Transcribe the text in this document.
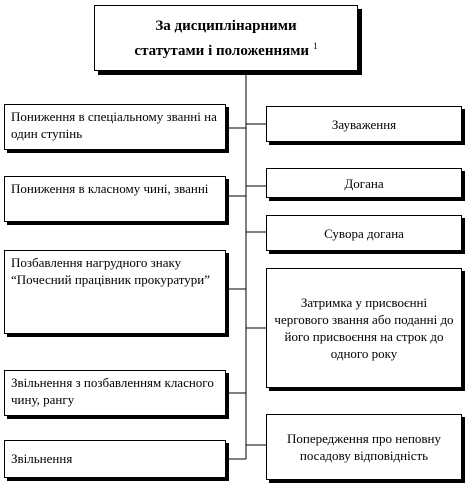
За дисциплінарними
статутами і положеннями $^1$
Пониження в спеціальному званні на один ступінь
Пониження в класному чині, званні
Позбавлення нагрудного знаку “Почесний працівник прокуратури”
Звільнення з позбавленням класного чину, рангу
Звільнення
Зауваження
Догана
Сувора догана
Затримка у присвоєнні чергового звання або поданні до його присвоєння на строк до одного року
Попередження про неповну посадову відповідність
